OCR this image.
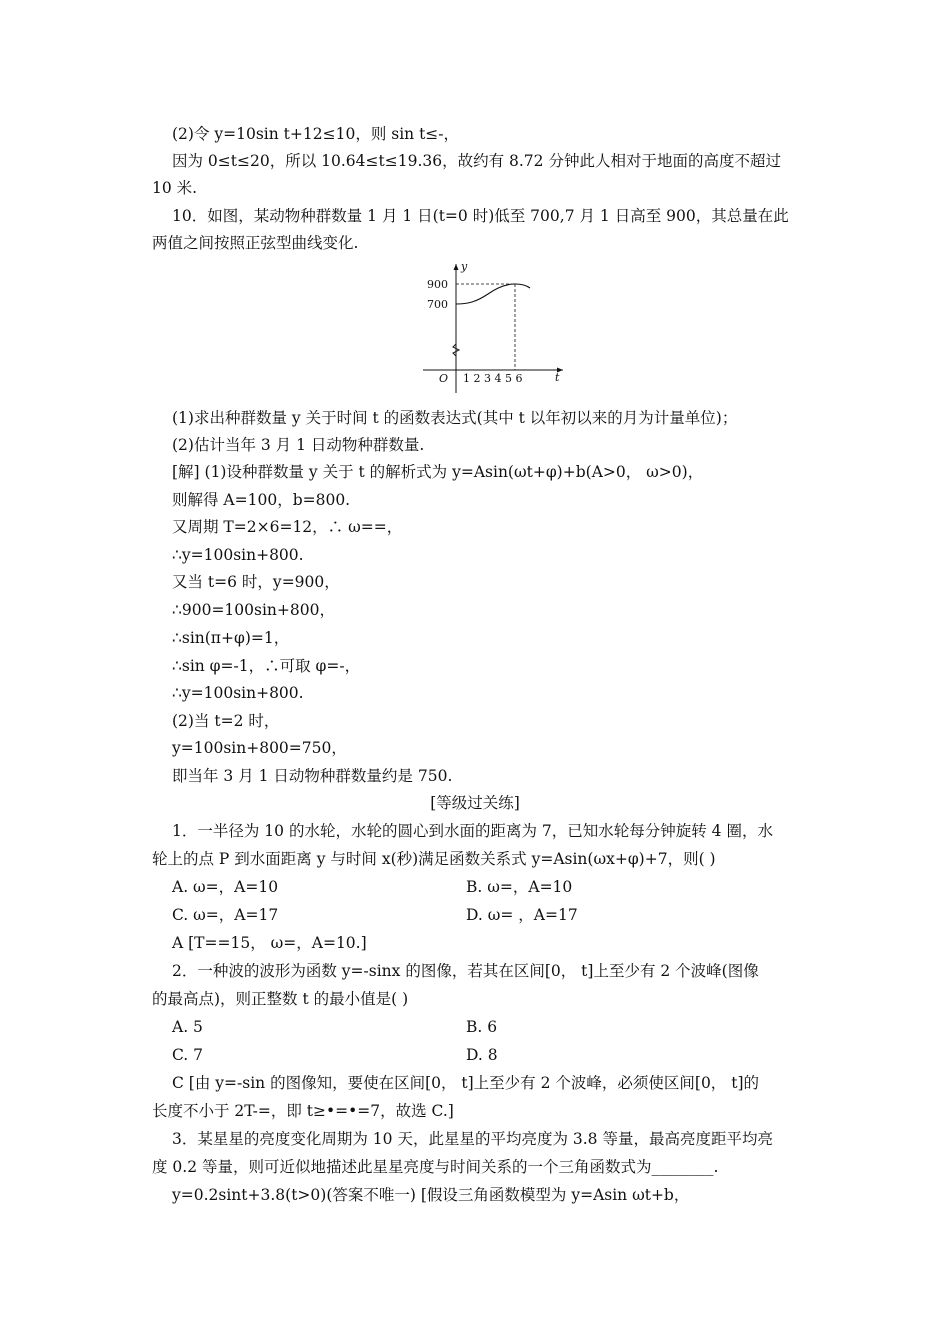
(2)令 y=10sin t+12≤10，则 sin t≤-，
因为 0≤t≤20，所以 10.64≤t≤19.36，故约有 8.72 分钟此人相对于地面的高度不超过
10 米.
10．如图，某动物种群数量 1 月 1 日(t=0 时)低至 700,7 月 1 日高至 900，其总量在此
两值之间按照正弦型曲线变化.
900
700
y
t
O 1 2 3 4 5 6
(1)求出种群数量 y 关于时间 t 的函数表达式(其中 t 以年初以来的月为计量单位)；
(2)估计当年 3 月 1 日动物种群数量.
[解] (1)设种群数量 y 关于 t 的解析式为 y=Asin(ωt+φ)+b(A>0， ω>0)，
则解得 A=100，b=800.
又周期 T=2×6=12，∴ ω==，
∴y=100sin+800.
又当 t=6 时，y=900，
∴900=100sin+800，
∴sin(π+φ)=1，
∴sin φ=-1，∴可取 φ=-，
∴y=100sin+800.
(2)当 t=2 时，
y=100sin+800=750，
即当年 3 月 1 日动物种群数量约是 750.
[等级过关练]
1．一半径为 10 的水轮，水轮的圆心到水面的距离为 7，已知水轮每分钟旋转 4 圈，水
轮上的点 P 到水面距离 y 与时间 x(秒)满足函数关系式 y=Asin(ωx+φ)+7，则( )
A. ω=，A=10	B. ω=，A=10
C. ω=，A=17	D. ω= ，A=17
A [T==15， ω=，A=10.]
2．一种波的波形为函数 y=-sinx 的图像，若其在区间[0， t]上至少有 2 个波峰(图像
的最高点)，则正整数 t 的最小值是( )
A. 5	B. 6
C. 7	D. 8
C [由 y=-sin 的图像知，要使在区间[0， t]上至少有 2 个波峰，必须使区间[0， t]的
长度不小于 2T-=，即 t≥•=•=7，故选 C.]
3．某星星的亮度变化周期为 10 天，此星星的平均亮度为 3.8 等量，最高亮度距平均亮
度 0.2 等量，则可近似地描述此星星亮度与时间关系的一个三角函数式为________.
y=0.2sint+3.8(t>0)(答案不唯一) [假设三角函数模型为 y=Asin ωt+b，
